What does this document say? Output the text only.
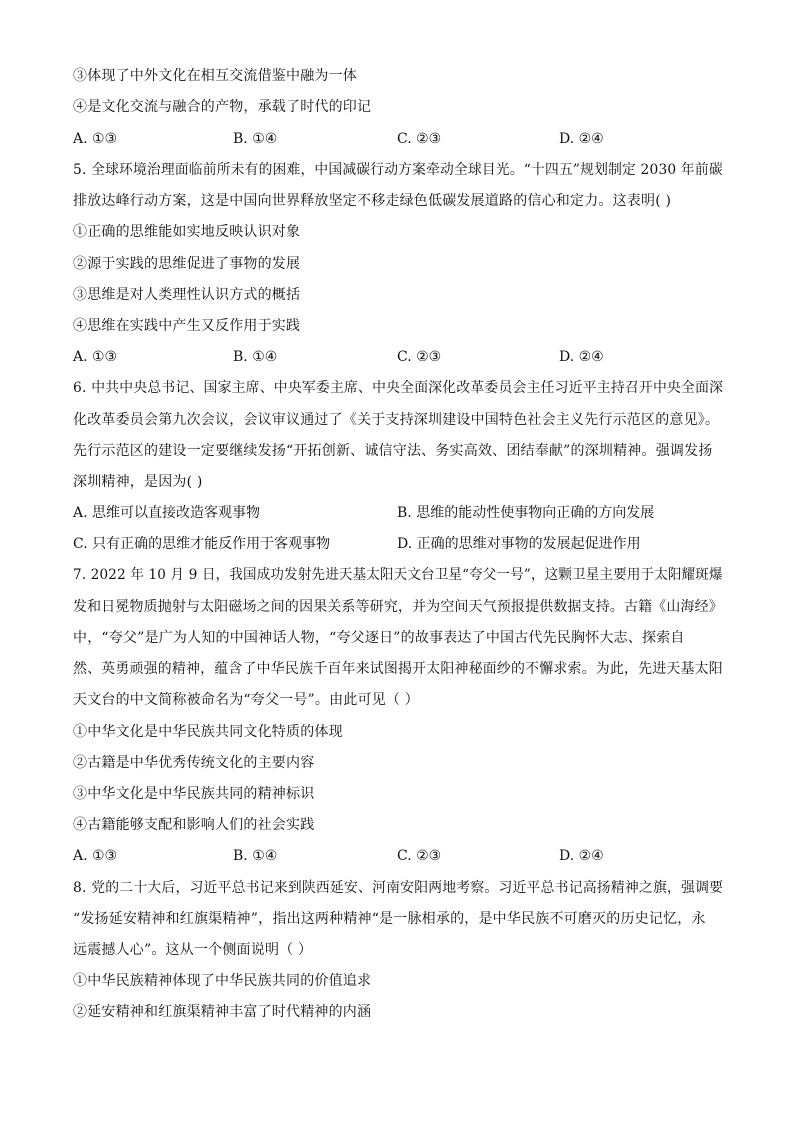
③体现了中外文化在相互交流借鉴中融为一体
④是文化交流与融合的产物，承载了时代的印记
A. ①③	B. ①④	C. ②③	D. ②④
5. 全球环境治理面临前所未有的困难，中国减碳行动方案牵动全球目光。“十四五”规划制定 2030 年前碳
排放达峰行动方案，这是中国向世界释放坚定不移走绿色低碳发展道路的信心和定力。这表明( )
①正确的思维能如实地反映认识对象
②源于实践的思维促进了事物的发展
③思维是对人类理性认识方式的概括
④思维在实践中产生又反作用于实践
A. ①③	B. ①④	C. ②③	D. ②④
6. 中共中央总书记、国家主席、中央军委主席、中央全面深化改革委员会主任习近平主持召开中央全面深
化改革委员会第九次会议，会议审议通过了《关于支持深圳建设中国特色社会主义先行示范区的意见》。
先行示范区的建设一定要继续发扬“开拓创新、诚信守法、务实高效、团结奉献”的深圳精神。强调发扬
深圳精神，是因为( )
A. 思维可以直接改造客观事物	B. 思维的能动性使事物向正确的方向发展
C. 只有正确的思维才能反作用于客观事物	D. 正确的思维对事物的发展起促进作用
7. 2022 年 10 月 9 日，我国成功发射先进天基太阳天文台卫星“夸父一号”，这颗卫星主要用于太阳耀斑爆
发和日冕物质抛射与太阳磁场之间的因果关系等研究，并为空间天气预报提供数据支持。古籍《山海经》
中，“夸父”是广为人知的中国神话人物，“夸父逐日”的故事表达了中国古代先民胸怀大志、探索自
然、英勇顽强的精神，蕴含了中华民族千百年来试图揭开太阳神秘面纱的不懈求索。为此，先进天基太阳
天文台的中文简称被命名为“夸父一号”。由此可见（ ）
①中华文化是中华民族共同文化特质的体现
②古籍是中华优秀传统文化的主要内容
③中华文化是中华民族共同的精神标识
④古籍能够支配和影响人们的社会实践
A. ①③	B. ①④	C. ②③	D. ②④
8. 党的二十大后，习近平总书记来到陕西延安、河南安阳两地考察。习近平总书记高扬精神之旗，强调要
“发扬延安精神和红旗渠精神”，指出这两种精神“是一脉相承的，是中华民族不可磨灭的历史记忆，永
远震撼人心”。这从一个侧面说明（ ）
①中华民族精神体现了中华民族共同的价值追求
②延安精神和红旗渠精神丰富了时代精神的内涵
